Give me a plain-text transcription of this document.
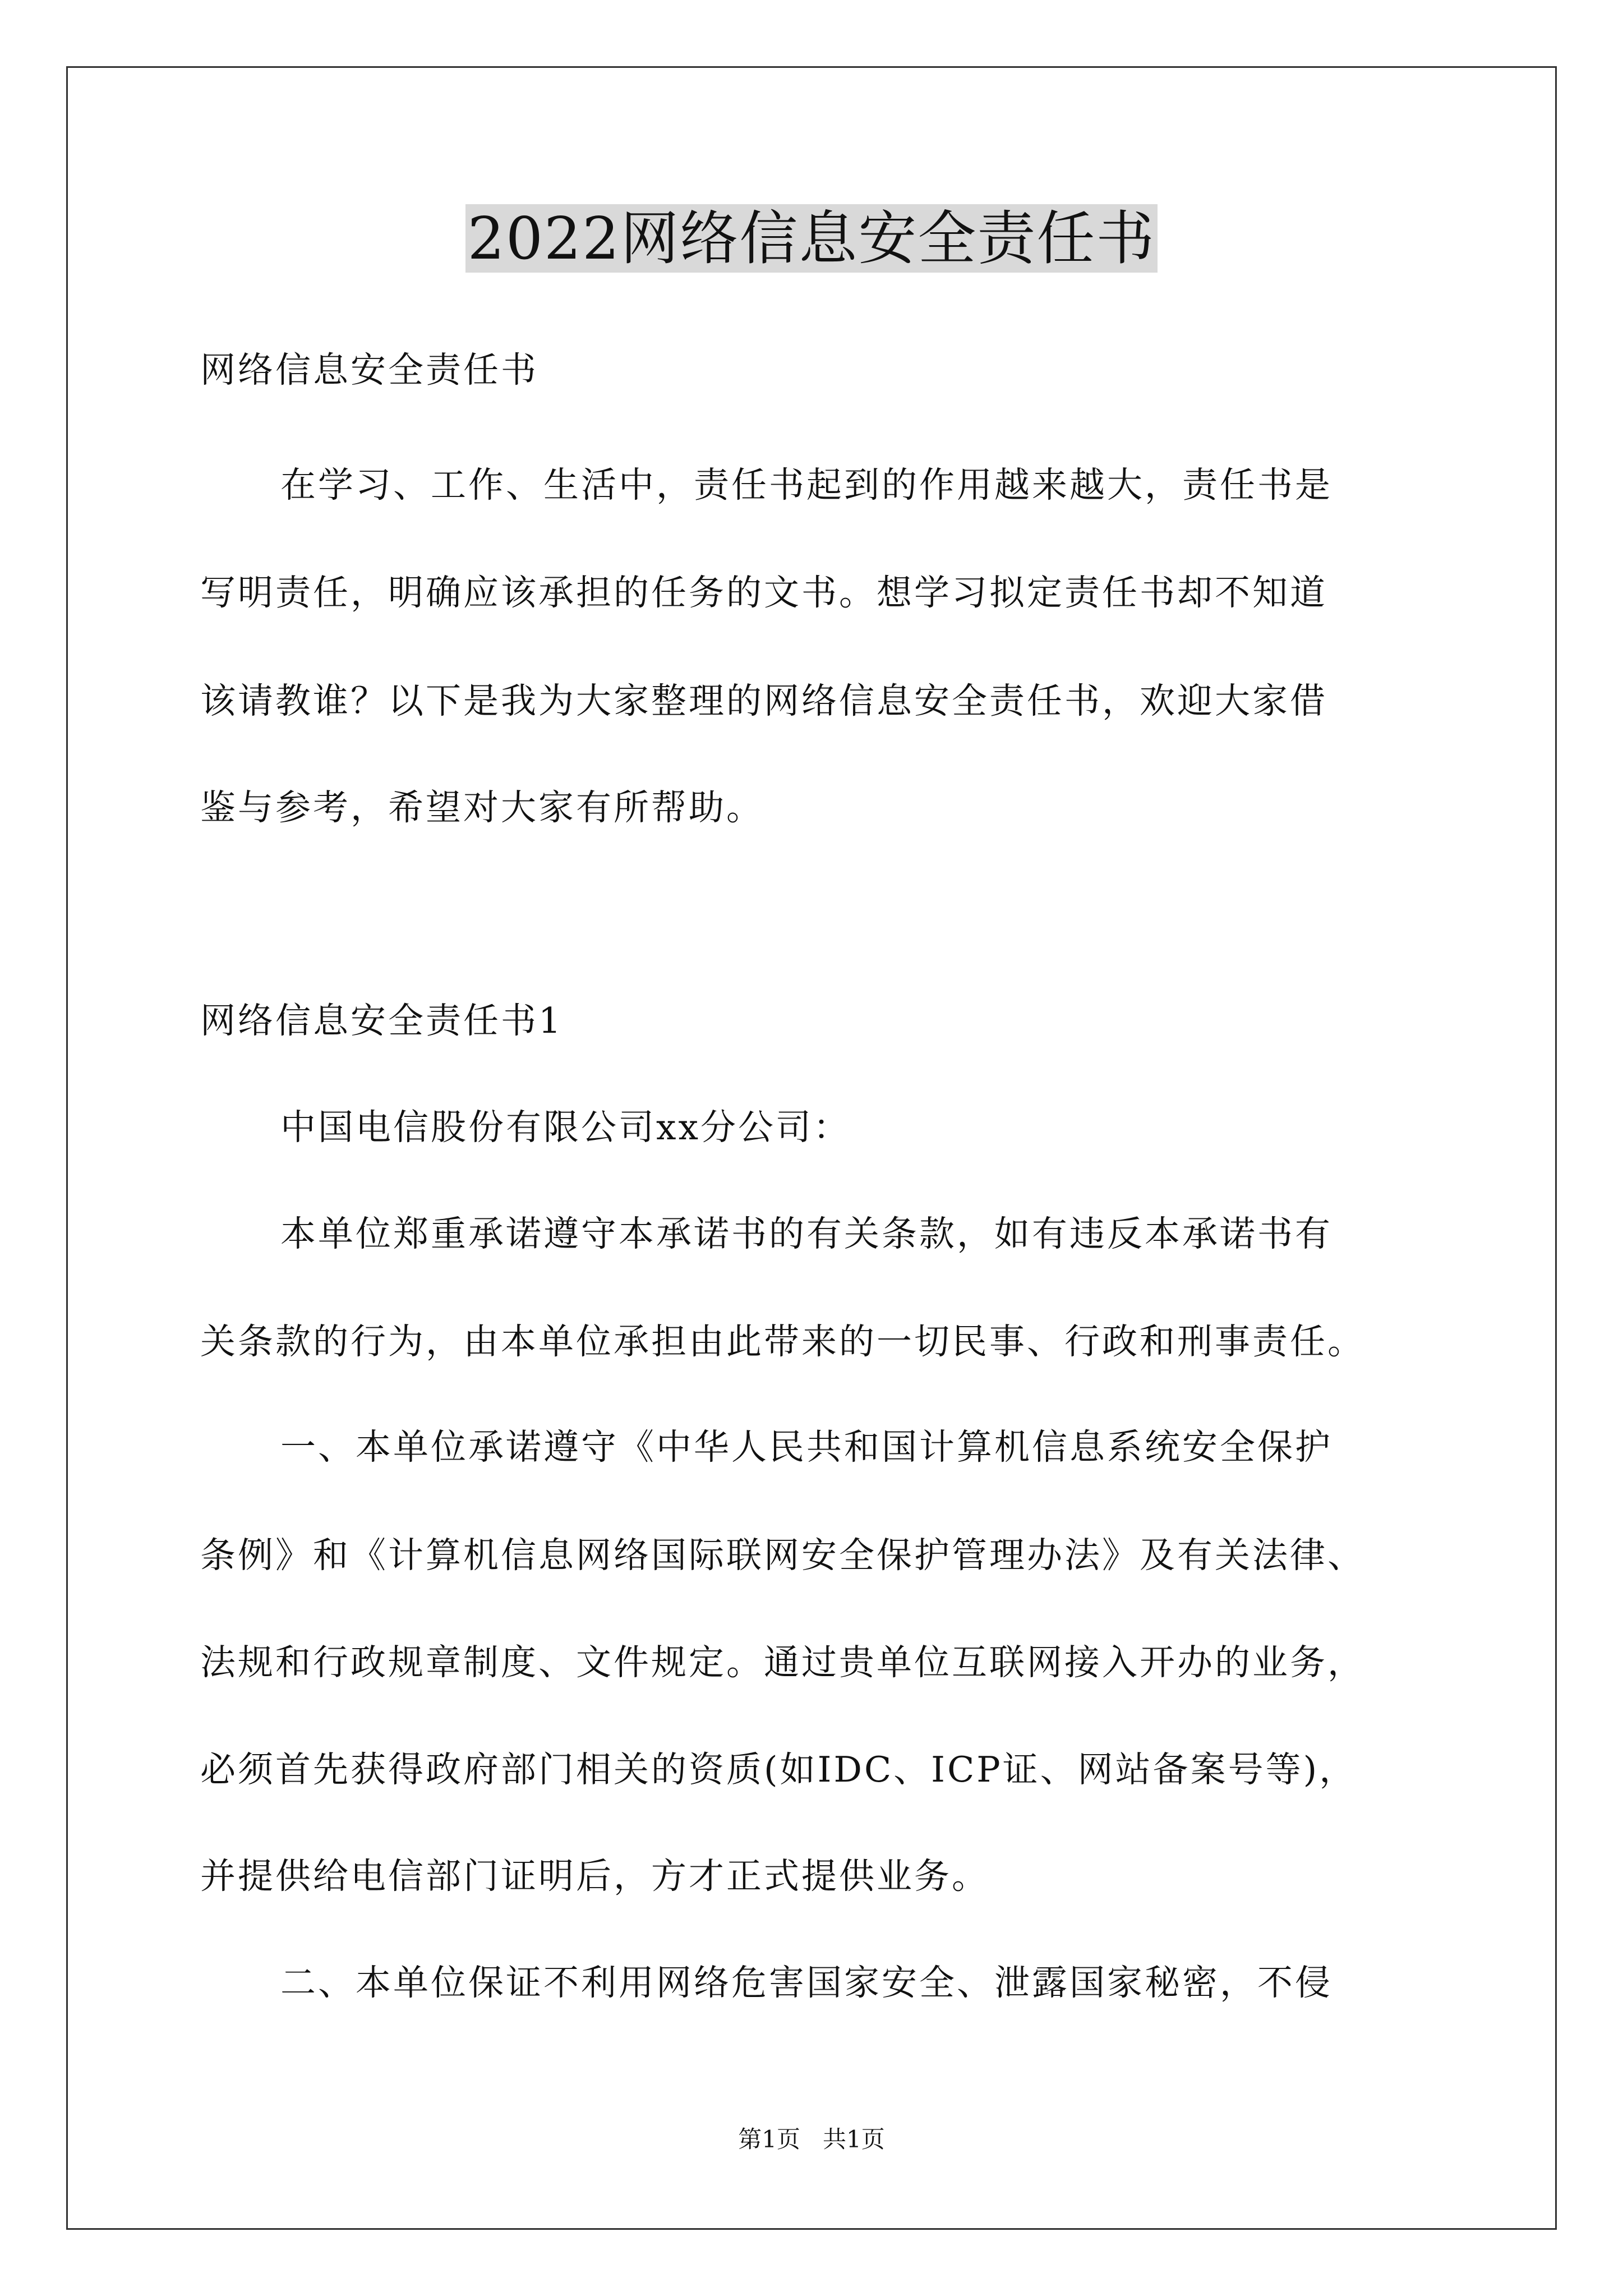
2022网络信息安全责任书
网络信息安全责任书
在学习、工作、生活中，责任书起到的作用越来越大，责任书是
写明责任，明确应该承担的任务的文书。想学习拟定责任书却不知道
该请教谁？以下是我为大家整理的网络信息安全责任书，欢迎大家借
鉴与参考，希望对大家有所帮助。
网络信息安全责任书1
中国电信股份有限公司xx分公司：
本单位郑重承诺遵守本承诺书的有关条款，如有违反本承诺书有
关条款的行为，由本单位承担由此带来的一切民事、行政和刑事责任。
一、本单位承诺遵守《中华人民共和国计算机信息系统安全保护
条例》和《计算机信息网络国际联网安全保护管理办法》及有关法律、
法规和行政规章制度、文件规定。通过贵单位互联网接入开办的业务，
必须首先获得政府部门相关的资质(如IDC、ICP证、网站备案号等)，
并提供给电信部门证明后，方才正式提供业务。
二、本单位保证不利用网络危害国家安全、泄露国家秘密，不侵
第1页   共1页
